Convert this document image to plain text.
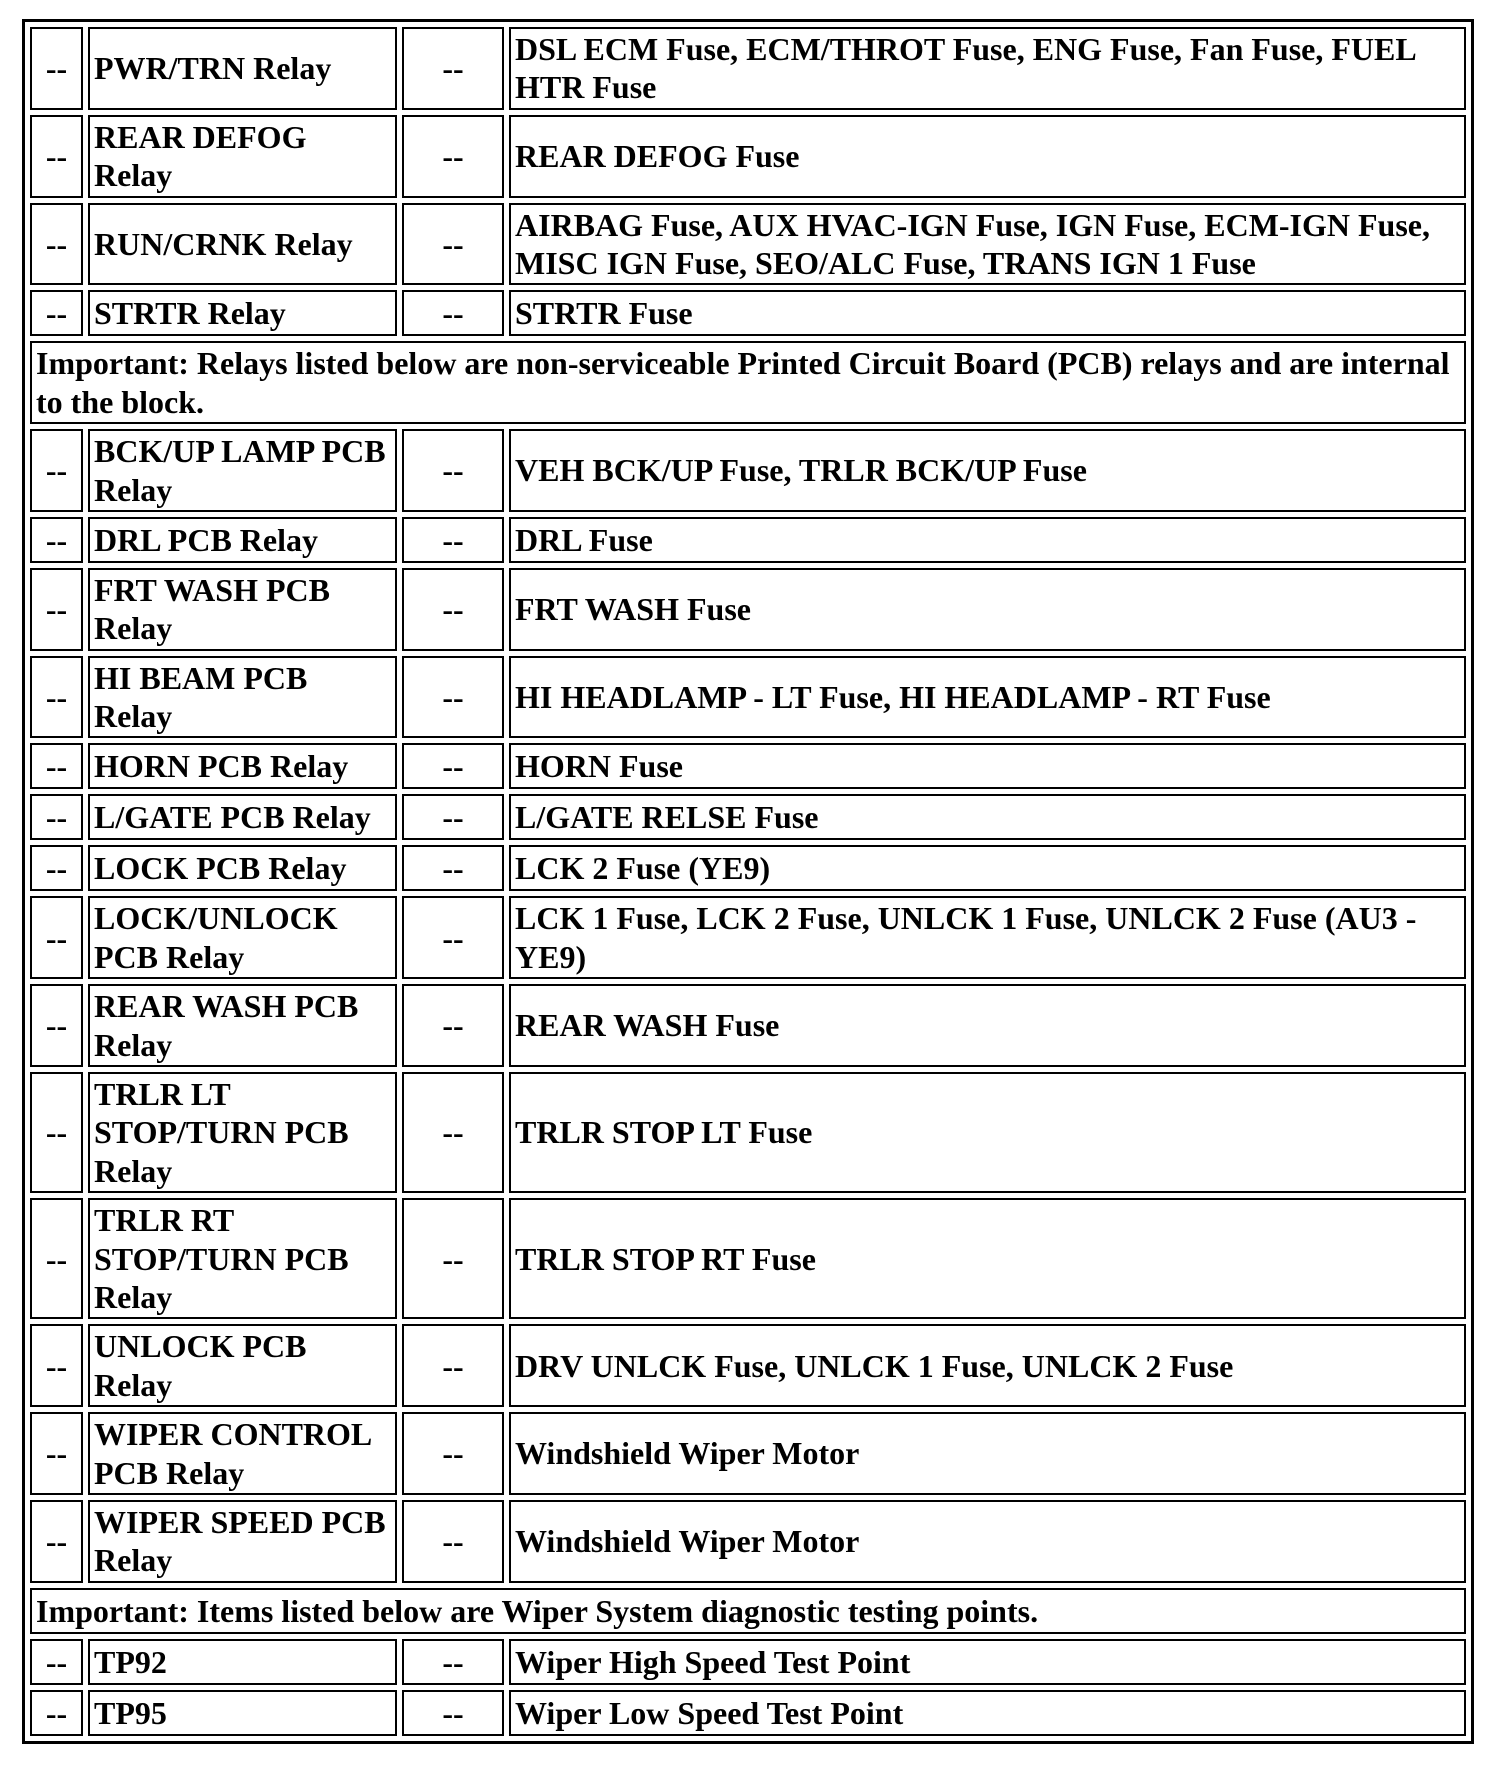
--	PWR/TRN Relay	--	DSL ECM Fuse, ECM/THROT Fuse, ENG Fuse, Fan Fuse, FUEL HTR Fuse
--	REAR DEFOG Relay	--	REAR DEFOG Fuse
--	RUN/CRNK Relay	--	AIRBAG Fuse, AUX HVAC-IGN Fuse, IGN Fuse, ECM-IGN Fuse, MISC IGN Fuse, SEO/ALC Fuse, TRANS IGN 1 Fuse
--	STRTR Relay	--	STRTR Fuse
Important: Relays listed below are non-serviceable Printed Circuit Board (PCB) relays and are internal to the block.			
--	BCK/UP LAMP PCB Relay	--	VEH BCK/UP Fuse, TRLR BCK/UP Fuse
--	DRL PCB Relay	--	DRL Fuse
--	FRT WASH PCB Relay	--	FRT WASH Fuse
--	HI BEAM PCB Relay	--	HI HEADLAMP - LT Fuse, HI HEADLAMP - RT Fuse
--	HORN PCB Relay	--	HORN Fuse
--	L/GATE PCB Relay	--	L/GATE RELSE Fuse
--	LOCK PCB Relay	--	LCK 2 Fuse (YE9)
--	LOCK/UNLOCK PCB Relay	--	LCK 1 Fuse, LCK 2 Fuse, UNLCK 1 Fuse, UNLCK 2 Fuse (AU3 - YE9)
--	REAR WASH PCB Relay	--	REAR WASH Fuse
--	TRLR LT STOP/TURN PCB Relay	--	TRLR STOP LT Fuse
--	TRLR RT STOP/TURN PCB Relay	--	TRLR STOP RT Fuse
--	UNLOCK PCB Relay	--	DRV UNLCK Fuse, UNLCK 1 Fuse, UNLCK 2 Fuse
--	WIPER CONTROL PCB Relay	--	Windshield Wiper Motor
--	WIPER SPEED PCB Relay	--	Windshield Wiper Motor
Important: Items listed below are Wiper System diagnostic testing points.			
--	TP92	--	Wiper High Speed Test Point
--	TP95	--	Wiper Low Speed Test Point
